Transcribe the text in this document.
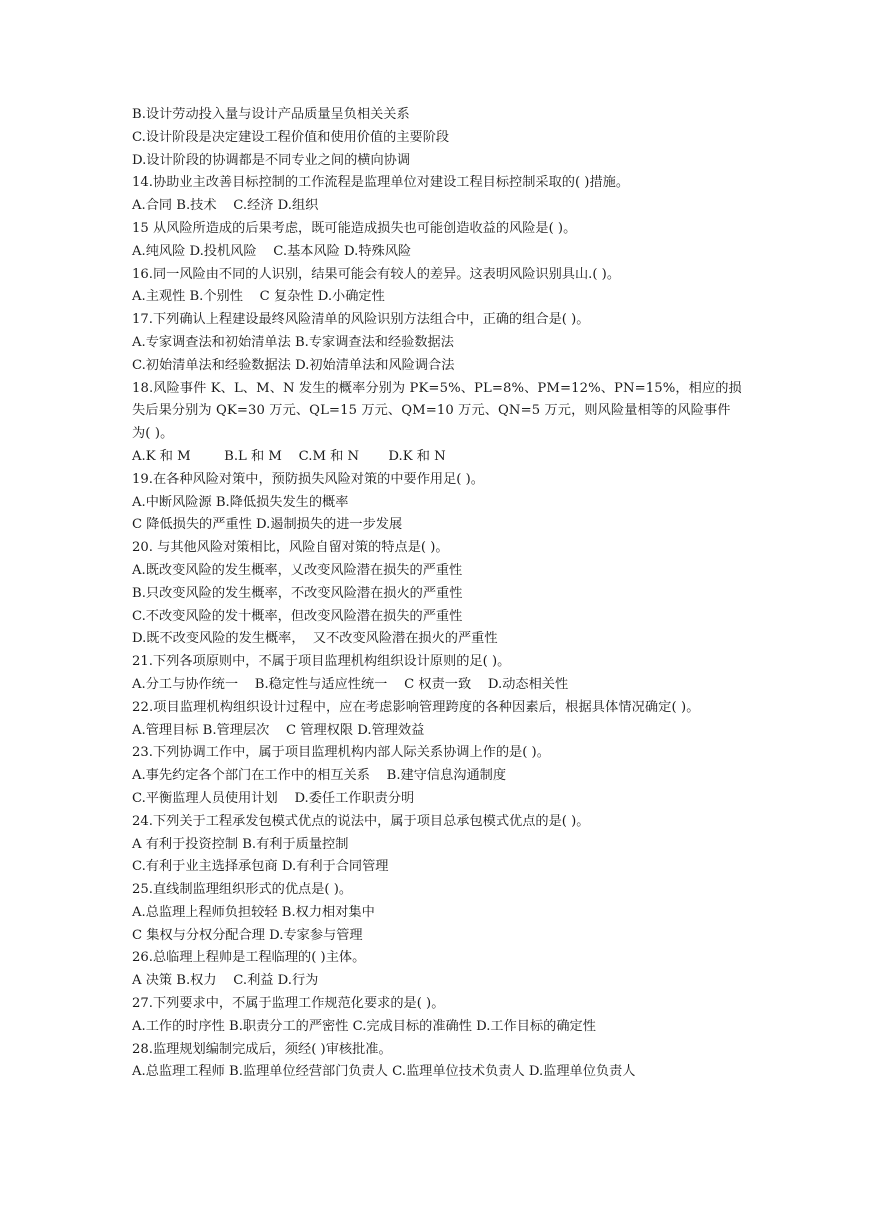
B.设计劳动投入量与设计产品质量呈负相关关系
C.设计阶段是决定建设工程价值和使用价值的主要阶段
D.设计阶段的协调都是不同专业之间的横向协调
14.协助业主改善目标控制的工作流程是监理单位对建设工程目标控制采取的( )措施。
A.合同 B.技术    C.经济 D.组织
15 从风险所造成的后果考虑，既可能造成损失也可能创造收益的风险是( )。
A.纯风险 D.投机风险    C.基本风险 D.特殊风险
16.同一风险由不同的人识别，结果可能会有较人的差异。这表明风险识别具山.( )。
A.主观性 B.个别性    C 复杂性 D.小确定性
17.下列确认上程建设最终风险清单的风险识别方法组合中，正确的组合是( )。
A.专家调查法和初始清单法 B.专家调查法和经验数据法
C.初始清单法和经验数据法 D.初始清单法和风险调合法
18.风险事件 K、L、M、N 发生的概率分别为 PK=5%、PL=8%、PM=12%、PN=15%，相应的损失后果分别为 QK=30 万元、QL=15 万元、QM=10 万元、QN=5 万元，则风险量相等的风险事件为( )。
A.K 和 M        B.L 和 M    C.M 和 N       D.K 和 N
19.在各种风险对策中，预防损失风险对策的中要作用足( )。
A.中断风险源 B.降低损失发生的概率
C 降低损失的严重性 D.遏制损失的进一步发展
20. 与其他风险对策相比，风险自留对策的特点是( )。
A.既改变风险的发生概率，乂改变风险潜在损失的严重性
B.只改变风险的发生概率，不改变风险潜在损火的严重性
C.不改变风险的发十概率，但改变风险潜在损失的严重性
D.既不改变风险的发生概率，  又不改变风险潜在损火的严重性
21.下列各项原则中，不属于项目监理机构组织设计原则的足( )。
A.分工与协作统一    B.稳定性与适应性统一    C 权责一致    D.动态相关性
22.项目监理机构组织设计过程中，应在考虑影响管理跨度的各种因素后，根据具体情况确定( )。
A.管理目标 B.管理层次    C 管理权限 D.管理效益
23.下列协调工作中，属于项目监理机构内部人际关系协调上作的是( )。
A.事先约定各个部门在工作中的相互关系    B.建守信息沟通制度
C.平衡监理人员使用计划    D.委任工作职责分明
24.下列关于工程承发包模式优点的说法中，属于项目总承包模式优点的是( )。
A 有利于投资控制 B.有利于质量控制
C.有利于业主选择承包商 D.有利于合同管理
25.直线制监理组织形式的优点是( )。
A.总监理上程师负担较轻 B.权力相对集中
C 集权与分权分配合理 D.专家参与管理
26.总临理上程帅是工程临理的( )主体。
A 决策 B.权力    C.利益 D.行为
27.下列要求中，不属于监理工作规范化要求的是( )。
A.工作的时序性 B.职责分工的严密性 C.完成目标的准确性 D.工作目标的确定性
28.监理规划编制完成后，须经( )审核批准。
A.总监理工程师 B.监理单位经营部门负责人 C.监理单位技术负责人 D.监理单位负责人
